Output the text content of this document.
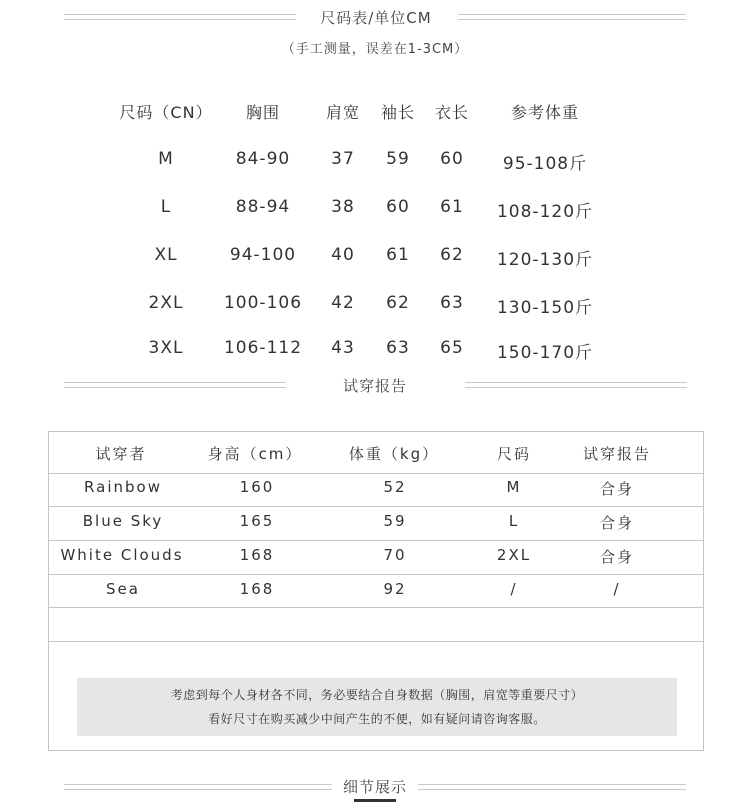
尺码表/单位CM
（手工测量，误差在1-3CM）
尺码（CN）	胸围	肩宽	袖长	衣长	参考体重
M	84-90	37	59	60	95-108斤
L	88-94	38	60	61	108-120斤
XL	94-100	40	61	62	120-130斤
2XL	100-106	42	62	63	130-150斤
3XL	106-112	43	63	65	150-170斤
试穿报告
试穿者	身高（cm）	体重（kg）	尺码	试穿报告
Rainbow	160	52	M	合身
Blue Sky	165	59	L	合身
White Clouds	168	70	2XL	合身
Sea	168	92	/	/
考虑到每个人身材各不同，务必要结合自身数据（胸围，肩宽等重要尺寸）
看好尺寸在购买减少中间产生的不便，如有疑问请咨询客服。
细节展示
